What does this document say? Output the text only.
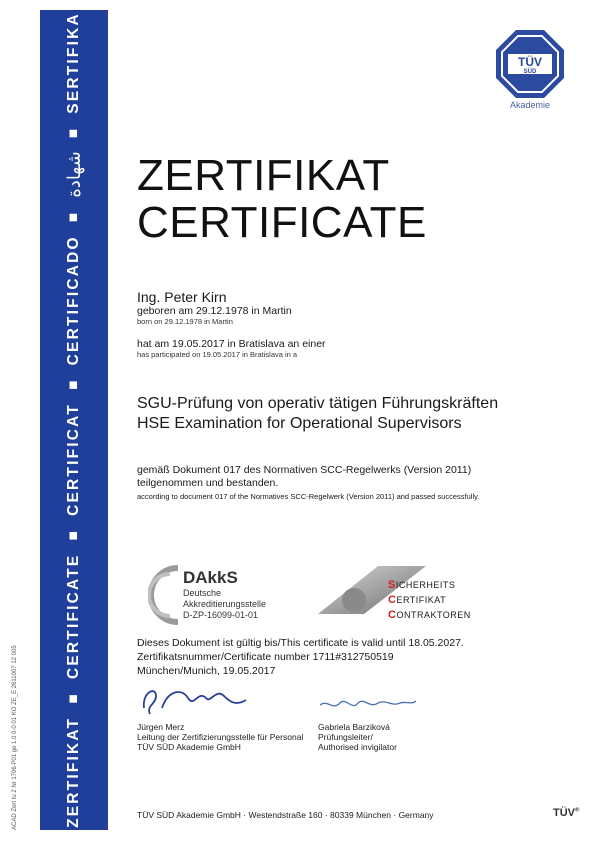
ZERTIFIKAT
■
CERTIFICATE
■
CERTIFICAT
■
CERTIFICADO
■
شهادة
■
SERTIFIKA
ACAD Zert tu 2 Nr 1706 P01 ge 1.0 0-0 01 KO ZE_E 2611007 12 005
TÜV
SÜD
Akademie
ZERTIFIKAT
CERTIFICATE
Ing. Peter Kirn
geboren am 29.12.1978 in Martin
born on 29.12.1978 in Martin
hat am 19.05.2017 in Bratislava an einer
has participated on 19.05.2017 in Bratislava in a
SGU-Prüfung von operativ tätigen Führungskräften
HSE Examination for Operational Supervisors
gemäß Dokument 017 des Normativen SCC-Regelwerks (Version 2011)
teilgenommen und bestanden.
according to document 017 of the Normatives SCC-Regelwerk (Version 2011) and passed successfully.
DAkkS
Deutsche
Akkreditierungsstelle
D-ZP-16099-01-01
SICHERHEITS
CERTIFIKAT
CONTRAKTOREN
Dieses Dokument ist gültig bis/This certificate is valid until 18.05.2027.
Zertifikatsnummer/Certificate number 1711#312750519
München/Munich, 19.05.2017
Jürgen Merz
Leitung der Zertifizierungsstelle für Personal
TÜV SÜD Akademie GmbH
Gabriela Barziková
Prüfungsleiter/
Authorised invigilator
TÜV SÜD Akademie GmbH · Westendstraße 160 · 80339 München · Germany	TÜV®
